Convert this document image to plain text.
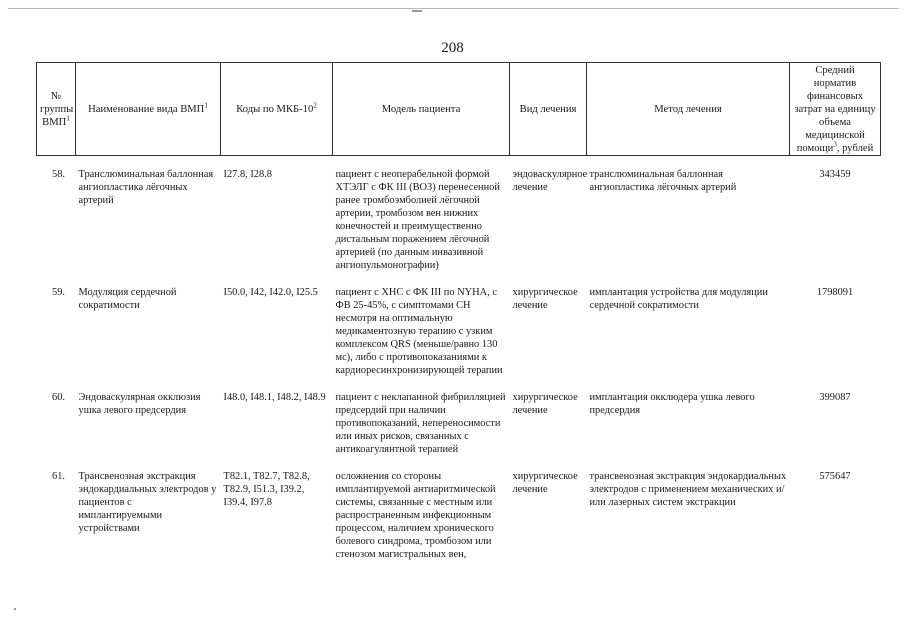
208
№ группы ВМП$^1$	Наименование вида ВМП$^1$	Коды по МКБ-$10^2$	Модель пациента	Вид лечения	Метод лечения	Средний норматив финансовых затрат на единицу объема медицинской помощи$^3$, рублей

58.	Транслюминальная баллонная ангиопластика лёгочных артерий	I27.8, I28.8	пациент с неоперабельной формой ХТЭЛГ с ФК III (ВОЗ) перенесенной ранее тромбоэмболией лёгочной артерии, тромбозом вен нижних конечностей и преимущественно дистальным поражением лёгочной артерией (по данным инвазивной ангиопульмонографии)	эндоваскулярное лечение	транслюминальная баллонная ангиопластика лёгочных артерий	343459

59.	Модуляция сердечной сократимости	I50.0, I42, I42.0, I25.5	пациент с ХНС с ФК III по NYHA, с ФВ 25-45%, с симптомами СН несмотря на оптимальную медикаментозную терапию с узким комплексом QRS (меньше/равно 130 мс), либо с противопоказаниями к кардиоресинхронизирующей терапии	хирургическое лечение	имплантация устройства для модуляции сердечной сократимости	1798091

60.	Эндоваскулярная окклюзия ушка левого предсердия	I48.0, I48.1, I48.2, I48.9	пациент с неклапанной фибрилляцией предсердий при наличии противопоказаний, непереносимости или иных рисков, связанных с антикоагулянтной терапией	хирургическое лечение	имплантация окклюдера ушка левого предсердия	399087

61.	Трансвенозная экстракция эндокардиальных электродов у пациентов с имплантируемыми устройствами	T82.1, T82.7, T82.8, T82.9, I51.3, I39.2, I39.4, I97.8	осложнения со стороны имплантируемой антиаритмической системы, связанные с местным или распространенным инфекционным процессом, наличием хронического болевого синдрома, тромбозом или стенозом магистральных вен,	хирургическое лечение	трансвенозная экстракция эндокардиальных электродов с применением механических и/или лазерных систем экстракции	575647
